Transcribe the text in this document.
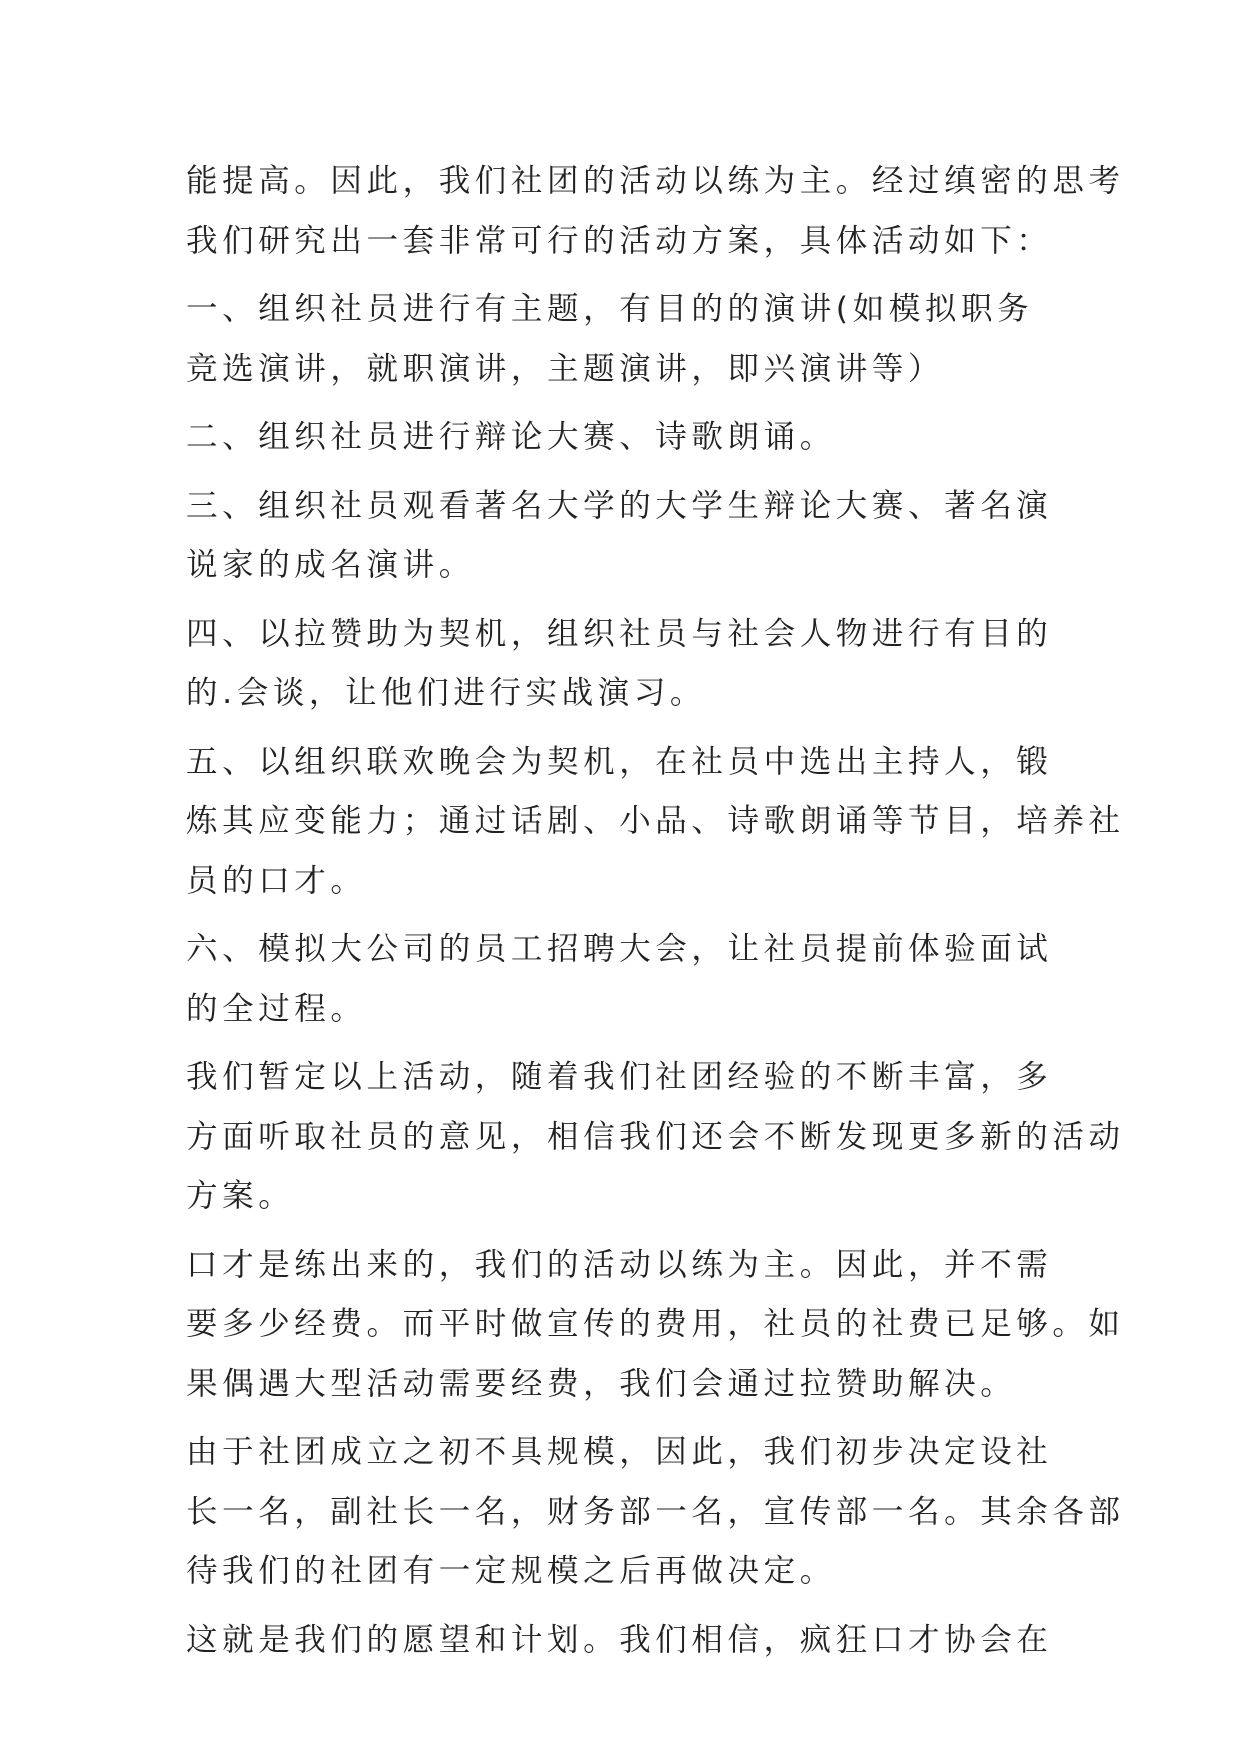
能提高。因此，我们社团的活动以练为主。经过缜密的思考

我们研究出一套非常可行的活动方案，具体活动如下：

一、组织社员进行有主题，有目的的演讲(如模拟职务

竞选演讲，就职演讲，主题演讲，即兴演讲等）

二、组织社员进行辩论大赛、诗歌朗诵。

三、组织社员观看著名大学的大学生辩论大赛、著名演

说家的成名演讲。

四、以拉赞助为契机，组织社员与社会人物进行有目的

的.会谈，让他们进行实战演习。

五、以组织联欢晚会为契机，在社员中选出主持人，锻

炼其应变能力；通过话剧、小品、诗歌朗诵等节目，培养社

员的口才。

六、模拟大公司的员工招聘大会，让社员提前体验面试

的全过程。

我们暂定以上活动，随着我们社团经验的不断丰富，多

方面听取社员的意见，相信我们还会不断发现更多新的活动

方案。

口才是练出来的，我们的活动以练为主。因此，并不需

要多少经费。而平时做宣传的费用，社员的社费已足够。如

果偶遇大型活动需要经费，我们会通过拉赞助解决。

由于社团成立之初不具规模，因此，我们初步决定设社

长一名，副社长一名，财务部一名，宣传部一名。其余各部

待我们的社团有一定规模之后再做决定。

这就是我们的愿望和计划。我们相信，疯狂口才协会在
